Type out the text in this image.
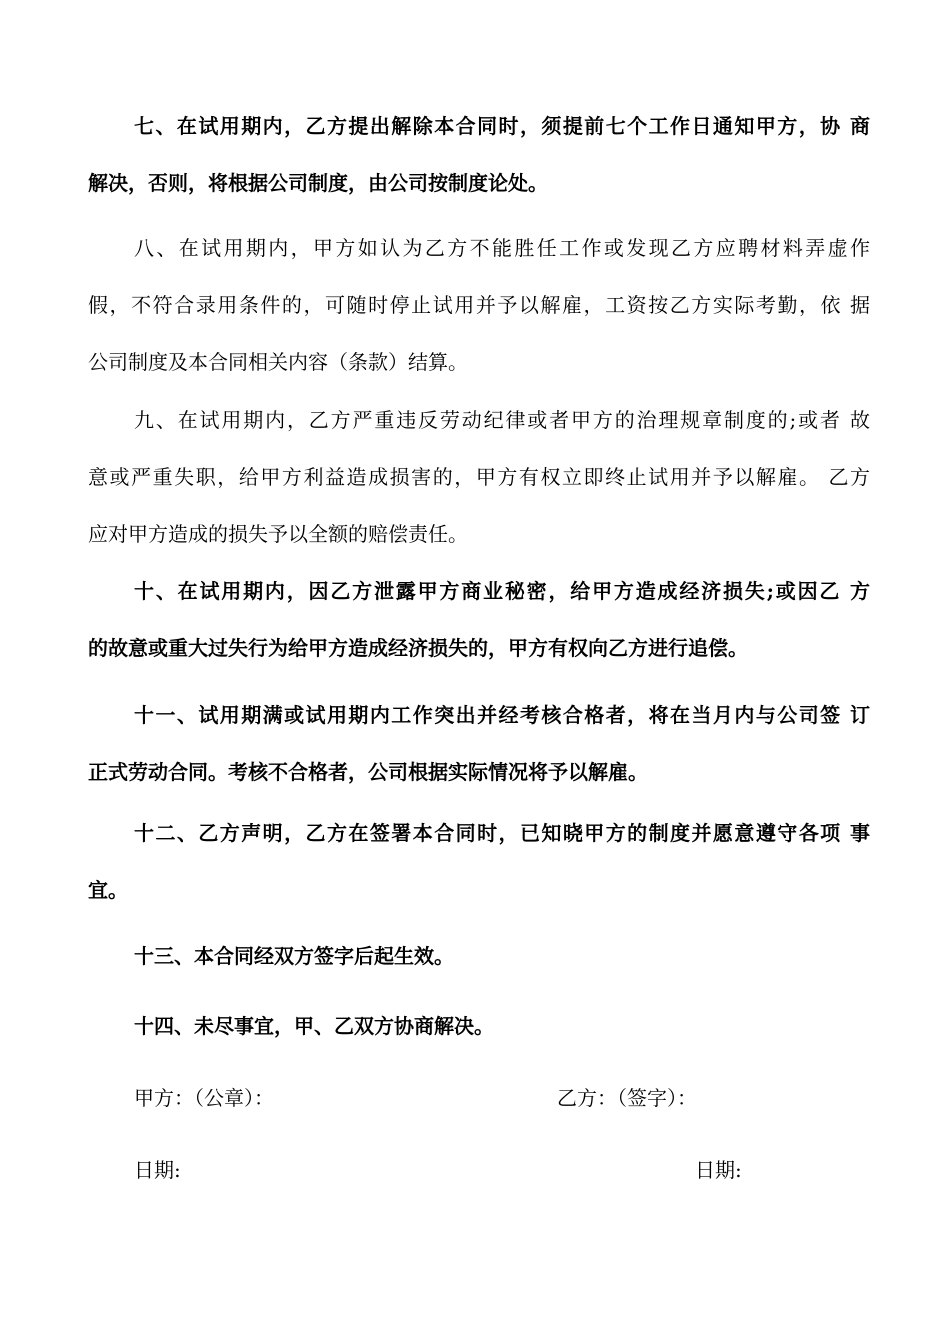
七、在试用期内，乙方提出解除本合同时，须提前七个工作日通知甲方，协 商
解决，否则，将根据公司制度，由公司按制度论处。
八、在试用期内，甲方如认为乙方不能胜任工作或发现乙方应聘材料弄虚作
假，不符合录用条件的，可随时停止试用并予以解雇，工资按乙方实际考勤，依 据
公司制度及本合同相关内容（条款）结算。
九、在试用期内，乙方严重违反劳动纪律或者甲方的治理规章制度的;或者 故
意或严重失职，给甲方利益造成损害的，甲方有权立即终止试用并予以解雇。 乙方
应对甲方造成的损失予以全额的赔偿责任。
十、在试用期内，因乙方泄露甲方商业秘密，给甲方造成经济损失;或因乙 方
的故意或重大过失行为给甲方造成经济损失的，甲方有权向乙方进行追偿。
十一、试用期满或试用期内工作突出并经考核合格者，将在当月内与公司签 订
正式劳动合同。考核不合格者，公司根据实际情况将予以解雇。
十二、乙方声明，乙方在签署本合同时，已知晓甲方的制度并愿意遵守各项 事
宜。
十三、本合同经双方签字后起生效。
十四、未尽事宜，甲、乙双方协商解决。
甲方：（公章）：	乙方：（签字）：
日期:	日期:
